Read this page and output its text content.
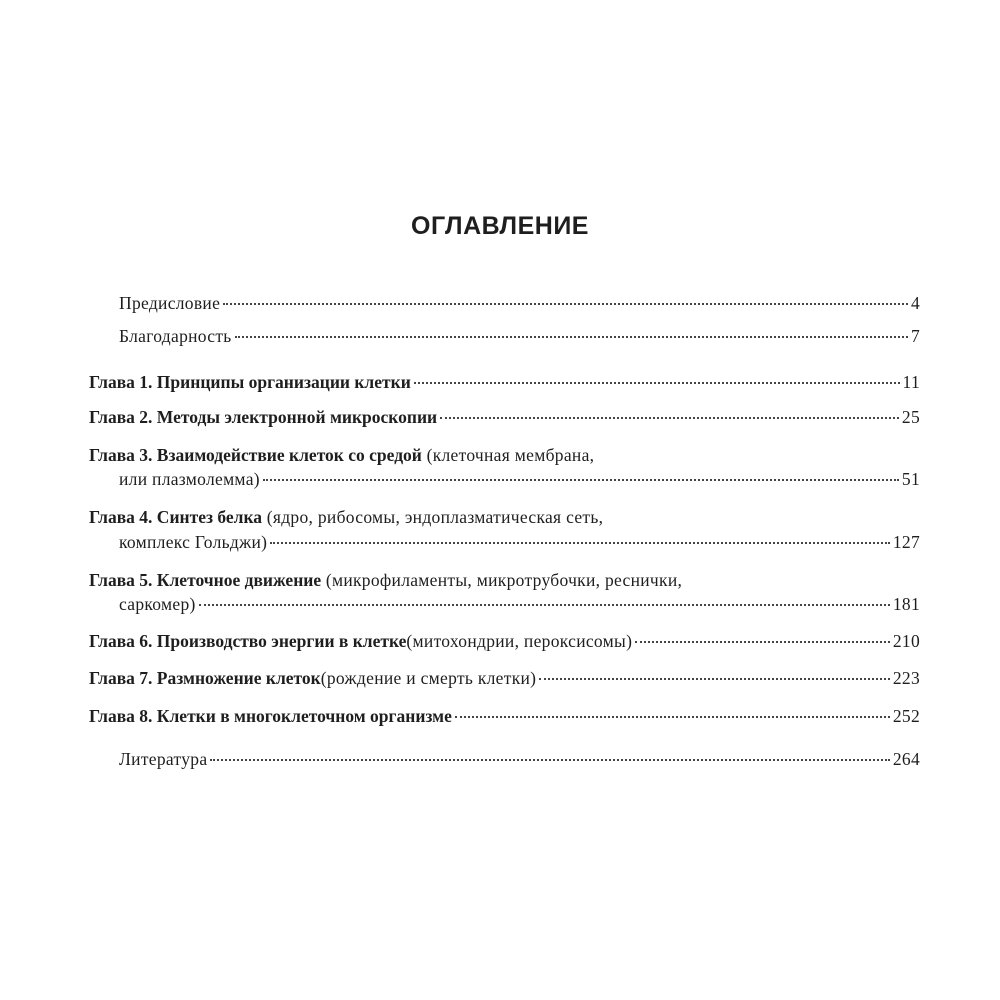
ОГЛАВЛЕНИЕ
Предисловие	4
Благодарность	7
Глава 1. Принципы организации клетки	11
Глава 2. Методы электронной микроскопии	25
Глава 3. Взаимодействие клеток со средой (клеточная мембрана,
или плазмолемма)	51
Глава 4. Синтез белка (ядро, рибосомы, эндоплазматическая сеть,
комплекс Гольджи)	127
Глава 5. Клеточное движение (микрофиламенты, микротрубочки, реснички,
саркомер)	181
Глава 6. Производство энергии в клетке (митохондрии, пероксисомы)	210
Глава 7. Размножение клеток (рождение и смерть клетки)	223
Глава 8. Клетки в многоклеточном организме	252
Литература	264
